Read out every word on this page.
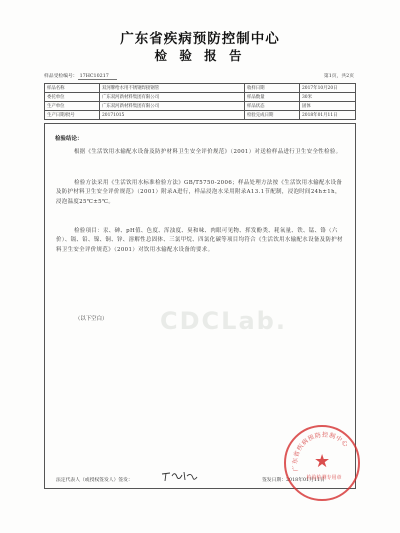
广东省疾病预防控制中心
检 验 报 告
样品受检编号： 17HC10217	第1页，共2页
样品名称	双河牌给水用不锈钢焊接钢管	收样日期	2017年10月20日
委托单位	广东双河新材料集团有限公司	样品数量	30米
生产单位	广东双河新材料集团有限公司	样品状态	固体
生产日期/批号	20171015	检验完成日期	2018年01月11日
CDCLab.
检验结论：

根据《生活饮用水输配水设备及防护材料卫生安全评价规范》（2001）对送检样品进行卫生安全性检验。

检验方法采用《生活饮用水标准检验方法》GB/T5750-2006；样品处理方法按《生活饮用水输配水设备及防护材料卫生安全评价规范》（2001）附录A进行，样品浸泡水采用附录A13.1节配制，浸泡时间24h±1h，浸泡温度25℃±5℃。

检验项目：汞、砷、pH值、色度、浑浊度、臭和味、肉眼可见物、挥发酚类、耗氧量、铁、锰、铬（六价）、镉、铅、镍、铜、锌、溶解性总固体、三氯甲烷、四氯化碳等项目均符合《生活饮用水输配水设备及防护材料卫生安全评价规范》（2001）对饮用水输配水设备的要求。

（以下空白）
法定代表人（或授权签发人）签发：	签发日期：2018年01月11日
广东省疾病预防控制中心
★
检验检测专用章
